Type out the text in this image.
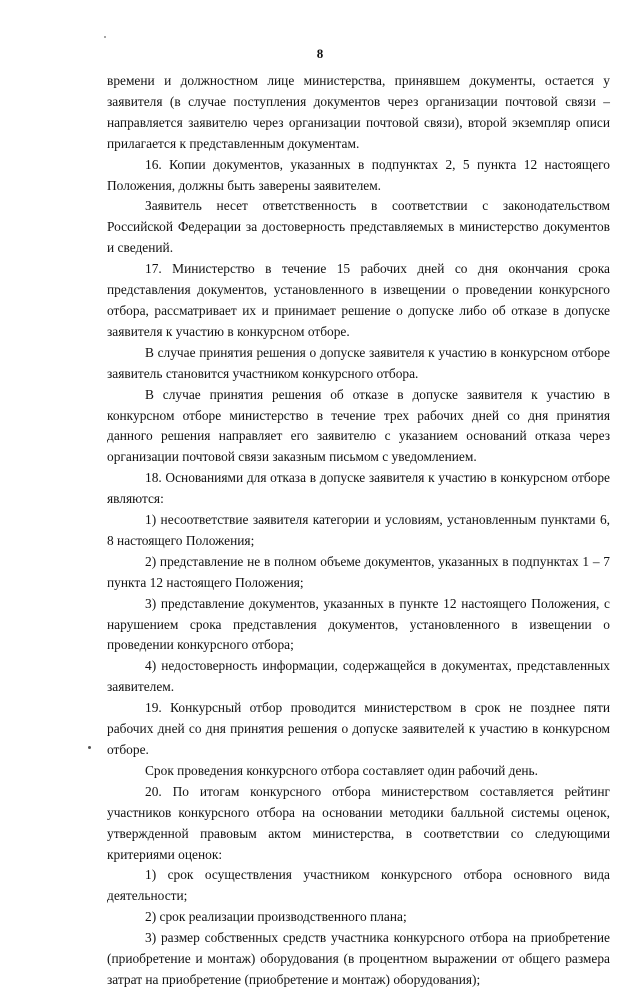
8

времени и должностном лице министерства, принявшем документы, остается у заявителя (в случае поступления документов через организации почтовой связи – направляется заявителю через организации почтовой связи), второй экземпляр описи прилагается к представленным документам.

16. Копии документов, указанных в подпунктах 2, 5 пункта 12 настоящего Положения, должны быть заверены заявителем.

Заявитель несет ответственность в соответствии с законодательством Российской Федерации за достоверность представляемых в министерство документов и сведений.

17. Министерство в течение 15 рабочих дней со дня окончания срока представления документов, установленного в извещении о проведении конкурсного отбора, рассматривает их и принимает решение о допуске либо об отказе в допуске заявителя к участию в конкурсном отборе.

В случае принятия решения о допуске заявителя к участию в конкурсном отборе заявитель становится участником конкурсного отбора.

В случае принятия решения об отказе в допуске заявителя к участию в конкурсном отборе министерство в течение трех рабочих дней со дня принятия данного решения направляет его заявителю с указанием оснований отказа через организации почтовой связи заказным письмом с уведомлением.

18. Основаниями для отказа в допуске заявителя к участию в конкурсном отборе являются:

1) несоответствие заявителя категории и условиям, установленным пунктами 6, 8 настоящего Положения;

2) представление не в полном объеме документов, указанных в подпунктах 1 – 7 пункта 12 настоящего Положения;

3) представление документов, указанных в пункте 12 настоящего Положения, с нарушением срока представления документов, установленного в извещении о проведении конкурсного отбора;

4) недостоверность информации, содержащейся в документах, представленных заявителем.

19. Конкурсный отбор проводится министерством в срок не позднее пяти рабочих дней со дня принятия решения о допуске заявителей к участию в конкурсном отборе.

Срок проведения конкурсного отбора составляет один рабочий день.

20. По итогам конкурсного отбора министерством составляется рейтинг участников конкурсного отбора на основании методики балльной системы оценок, утвержденной правовым актом министерства, в соответствии со следующими критериями оценок:

1) срок осуществления участником конкурсного отбора основного вида деятельности;

2) срок реализации производственного плана;

3) размер собственных средств участника конкурсного отбора на приобретение (приобретение и монтаж) оборудования (в процентном выражении от общего размера затрат на приобретение (приобретение и монтаж) оборудования);
